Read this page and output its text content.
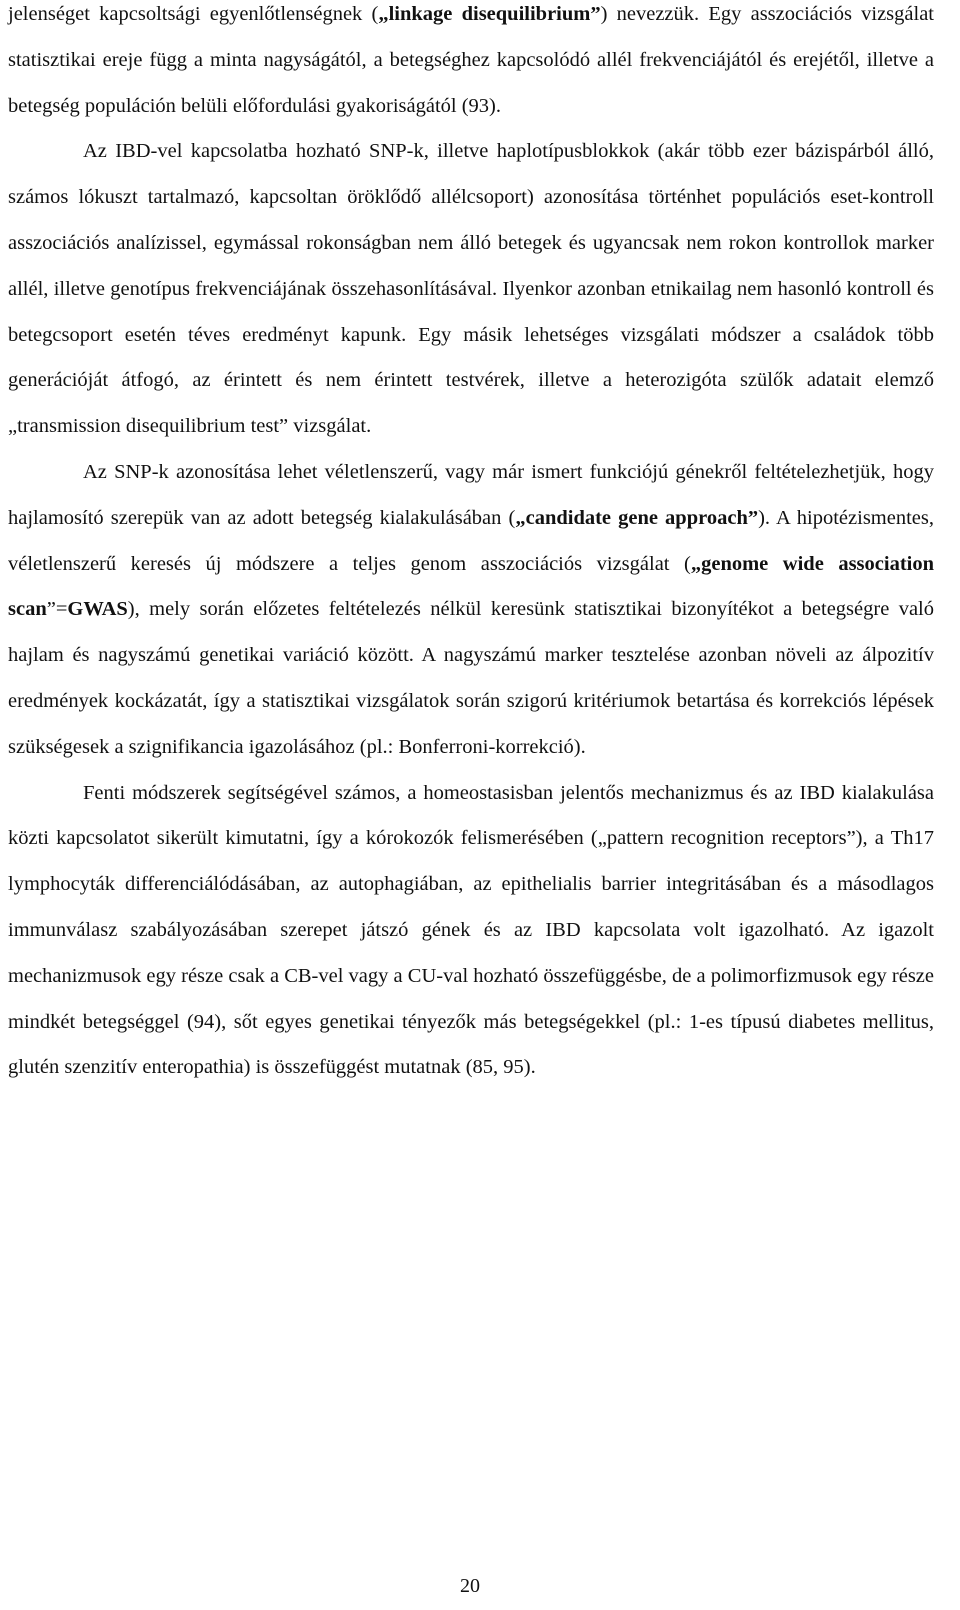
jelenséget kapcsoltsági egyenlőtlenségnek („linkage disequilibrium”) nevezzük. Egy asszociációs vizsgálat statisztikai ereje függ a minta nagyságától, a betegséghez kapcsolódó allél frekvenciájától és erejétől, illetve a betegség populáción belüli előfordulási gyakoriságától (93).

Az IBD-vel kapcsolatba hozható SNP-k, illetve haplotípusblokkok (akár több ezer bázispárból álló, számos lókuszt tartalmazó, kapcsoltan öröklődő allélcsoport) azonosítása történhet populációs eset-kontroll asszociációs analízissel, egymással rokonságban nem álló betegek és ugyancsak nem rokon kontrollok marker allél, illetve genotípus frekvenciájának összehasonlításával. Ilyenkor azonban etnikailag nem hasonló kontroll és betegcsoport esetén téves eredményt kapunk. Egy másik lehetséges vizsgálati módszer a családok több generációját átfogó, az érintett és nem érintett testvérek, illetve a heterozigóta szülők adatait elemző „transmission disequilibrium test” vizsgálat.

Az SNP-k azonosítása lehet véletlenszerű, vagy már ismert funkciójú génekről feltételezhetjük, hogy hajlamosító szerepük van az adott betegség kialakulásában („candidate gene approach”). A hipotézismentes, véletlenszerű keresés új módszere a teljes genom asszociációs vizsgálat („genome wide association scan”=GWAS), mely során előzetes feltételezés nélkül keresünk statisztikai bizonyítékot a betegségre való hajlam és nagyszámú genetikai variáció között. A nagyszámú marker tesztelése azonban növeli az álpozitív eredmények kockázatát, így a statisztikai vizsgálatok során szigorú kritériumok betartása és korrekciós lépések szükségesek a szignifikancia igazolásához (pl.: Bonferroni-korrekció).

Fenti módszerek segítségével számos, a homeostasisban jelentős mechanizmus és az IBD kialakulása közti kapcsolatot sikerült kimutatni, így a kórokozók felismerésében („pattern recognition receptors”), a Th17 lymphocyták differenciálódásában, az autophagiában, az epithelialis barrier integritásában és a másodlagos immunválasz szabályozásában szerepet játszó gének és az IBD kapcsolata volt igazolható. Az igazolt mechanizmusok egy része csak a CB-vel vagy a CU-val hozható összefüggésbe, de a polimorfizmusok egy része mindkét betegséggel (94), sőt egyes genetikai tényezők más betegségekkel (pl.: 1-es típusú diabetes mellitus, glutén szenzitív enteropathia) is összefüggést mutatnak (85, 95).

20
